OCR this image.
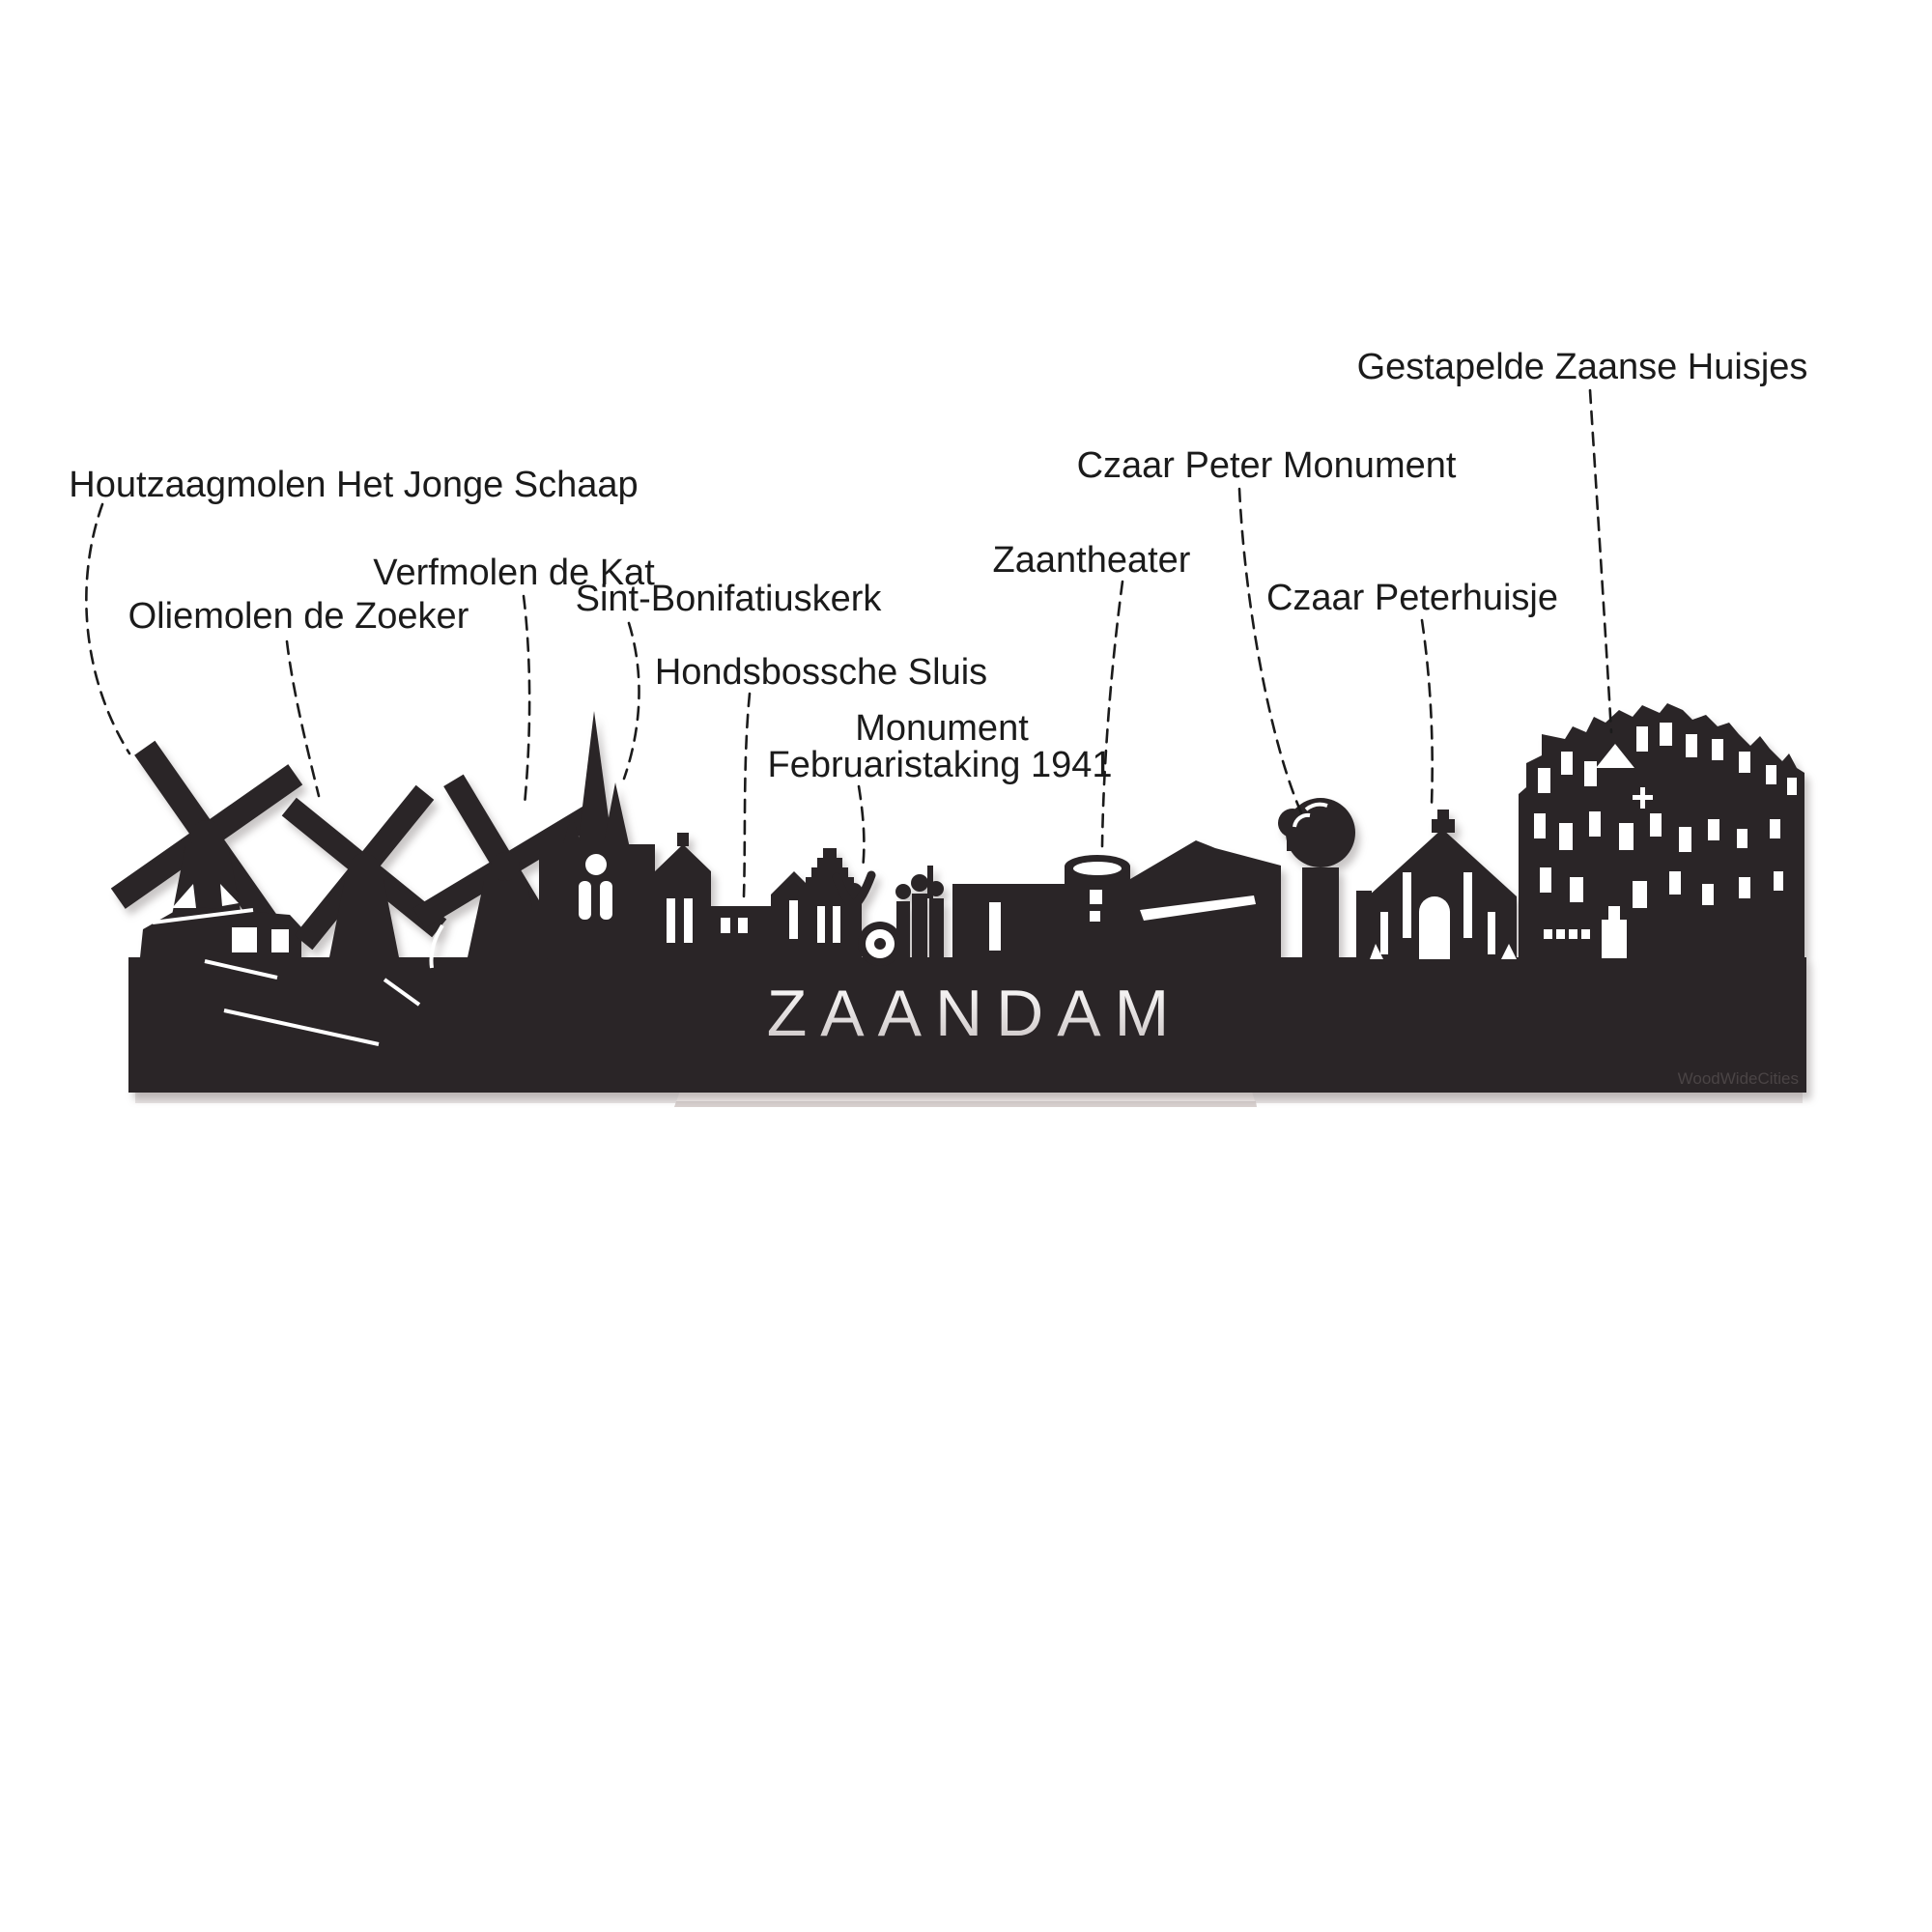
ZAANDAM
WoodWideCities
Houtzaagmolen Het Jonge Schaap
Verfmolen de Kat
Oliemolen de Zoeker	Sint-Bonifatiuskerk
Hondsbossche Sluis
Monument
Februaristaking 1941
Zaantheater
Czaar Peter Monument
Czaar Peterhuisje
Gestapelde Zaanse Huisjes
